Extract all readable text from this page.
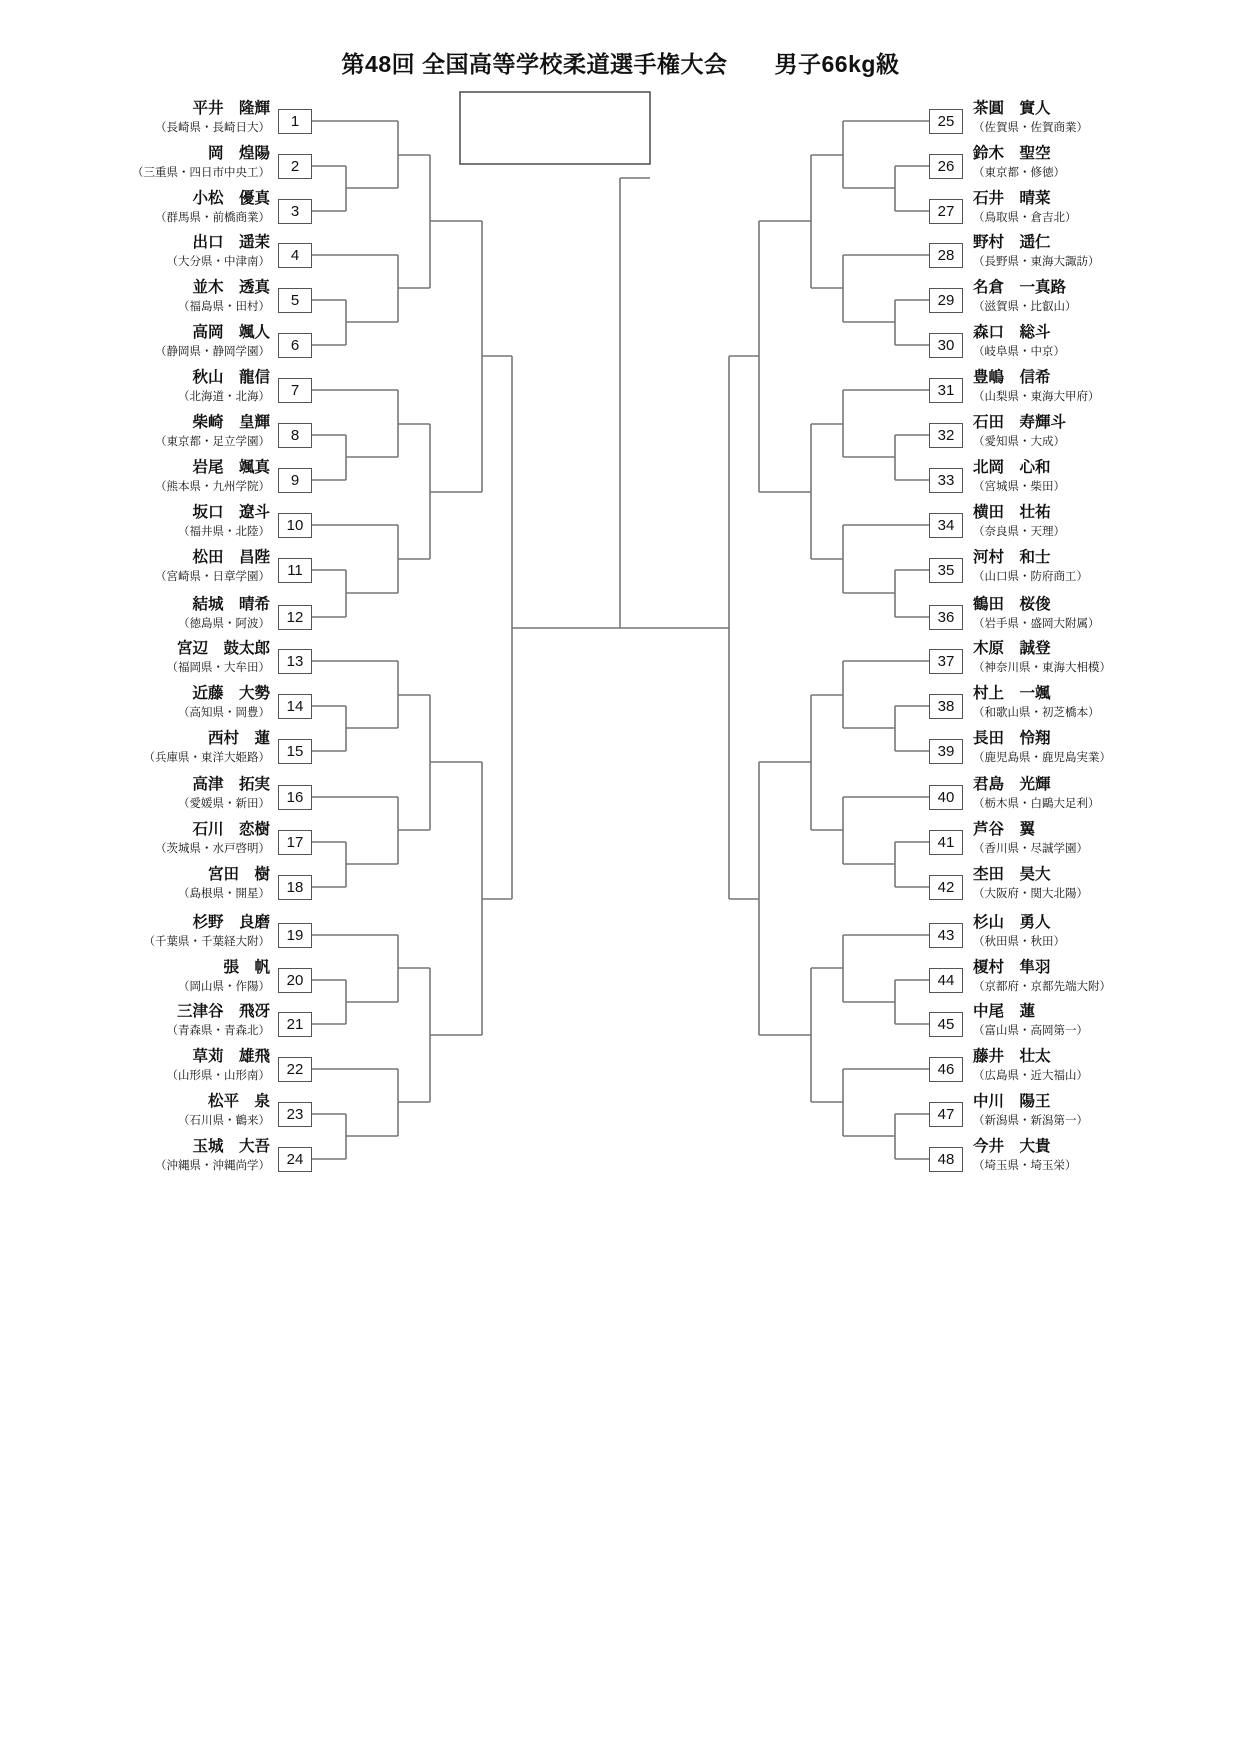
第48回 全国高等学校柔道選手権大会　　男子66kg級
1
平井　隆輝
（長崎県・長崎日大）
2
岡　煌陽
（三重県・四日市中央工）
3
小松　優真
（群馬県・前橋商業）
4
出口　遥茉
（大分県・中津南）
5
並木　透真
（福島県・田村）
6
高岡　颯人
（静岡県・静岡学園）
7
秋山　龍信
（北海道・北海）
8
柴崎　皇輝
（東京都・足立学園）
9
岩尾　颯真
（熊本県・九州学院）
10
坂口　遼斗
（福井県・北陸）
11
松田　昌陛
（宮崎県・日章学園）
12
結城　晴希
（徳島県・阿波）
13
宮辺　鼓太郎
（福岡県・大牟田）
14
近藤　大勢
（高知県・岡豊）
15
西村　蓮
（兵庫県・東洋大姫路）
16
高津　拓実
（愛媛県・新田）
17
石川　恋樹
（茨城県・水戸啓明）
18
宮田　樹
（島根県・開星）
19
杉野　良磨
（千葉県・千葉経大附）
20
張　帆
（岡山県・作陽）
21
三津谷　飛冴
（青森県・青森北）
22
草苅　雄飛
（山形県・山形南）
23
松平　泉
（石川県・鶴来）
24
玉城　大吾
（沖縄県・沖縄尚学）
25
茶圓　實人
（佐賀県・佐賀商業）
26
鈴木　聖空
（東京都・修徳）
27
石井　晴菜
（鳥取県・倉吉北）
28
野村　遥仁
（長野県・東海大諏訪）
29
名倉　一真路
（滋賀県・比叡山）
30
森口　総斗
（岐阜県・中京）
31
豊嶋　信希
（山梨県・東海大甲府）
32
石田　寿輝斗
（愛知県・大成）
33
北岡　心和
（宮城県・柴田）
34
横田　壮祐
（奈良県・天理）
35
河村　和士
（山口県・防府商工）
36
鶴田　桜俊
（岩手県・盛岡大附属）
37
木原　誠登
（神奈川県・東海大相模）
38
村上　一颯
（和歌山県・初芝橋本）
39
長田　怜翔
（鹿児島県・鹿児島実業）
40
君島　光輝
（栃木県・白鷗大足利）
41
芦谷　翼
（香川県・尽誠学園）
42
杢田　昊大
（大阪府・関大北陽）
43
杉山　勇人
（秋田県・秋田）
44
榎村　隼羽
（京都府・京都先端大附）
45
中尾　蓮
（富山県・高岡第一）
46
藤井　壮太
（広島県・近大福山）
47
中川　陽王
（新潟県・新潟第一）
48
今井　大貴
（埼玉県・埼玉栄）
